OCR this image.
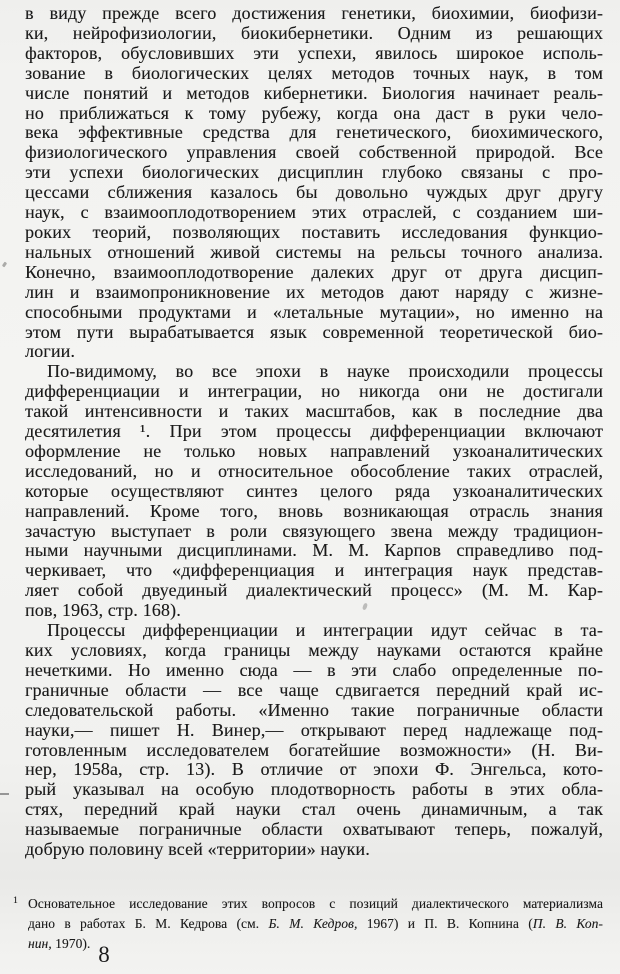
в виду прежде всего достижения генетики, биохимии, биофизи-
ки, нейрофизиологии, биокибернетики. Одним из решающих
факторов, обусловивших эти успехи, явилось широкое исполь-
зование в биологических целях методов точных наук, в том
числе понятий и методов кибернетики. Биология начинает реаль-
но приближаться к тому рубежу, когда она даст в руки чело-
века эффективные средства для генетического, биохимического,
физиологического управления своей собственной природой. Все
эти успехи биологических дисциплин глубоко связаны с про-
цессами сближения казалось бы довольно чуждых друг другу
наук, с взаимооплодотворением этих отраслей, с созданием ши-
роких теорий, позволяющих поставить исследования функцио-
нальных отношений живой системы на рельсы точного анализа.
Конечно, взаимооплодотворение далеких друг от друга дисцип-
лин и взаимопроникновение их методов дают наряду с жизне-
способными продуктами и «летальные мутации», но именно на
этом пути вырабатывается язык современной теоретической био-
логии.
По-видимому, во все эпохи в науке происходили процессы
дифференциации и интеграции, но никогда они не достигали
такой интенсивности и таких масштабов, как в последние два
десятилетия ¹. При этом процессы дифференциации включают
оформление не только новых направлений узкоаналитических
исследований, но и относительное обособление таких отраслей,
которые осуществляют синтез целого ряда узкоаналитических
направлений. Кроме того, вновь возникающая отрасль знания
зачастую выступает в роли связующего звена между традицион-
ными научными дисциплинами. М. М. Карпов справедливо под-
черкивает, что «дифференциация и интеграция наук представ-
ляет собой двуединый диалектический процесс» (М. М. Кар-
пов, 1963, стр. 168).
Процессы дифференциации и интеграции идут сейчас в та-
ких условиях, когда границы между науками остаются крайне
нечеткими. Но именно сюда — в эти слабо определенные по-
граничные области — все чаще сдвигается передний край ис-
следовательской работы. «Именно такие пограничные области
науки,— пишет Н. Винер,— открывают перед надлежаще под-
готовленным исследователем богатейшие возможности» (Н. Ви-
нер, 1958а, стр. 13). В отличие от эпохи Ф. Энгельса, кото-
рый указывал на особую плодотворность работы в этих обла-
стях, передний край науки стал очень динамичным, а так
называемые пограничные области охватывают теперь, пожалуй,
добрую половину всей «территории» науки.
1 Основательное исследование этих вопросов с позиций диалектического материализма
дано в работах Б. М. Кедрова (см. Б. М. Кедров, 1967) и П. В. Копнина (П. В. Коп-
нин, 1970). 8
